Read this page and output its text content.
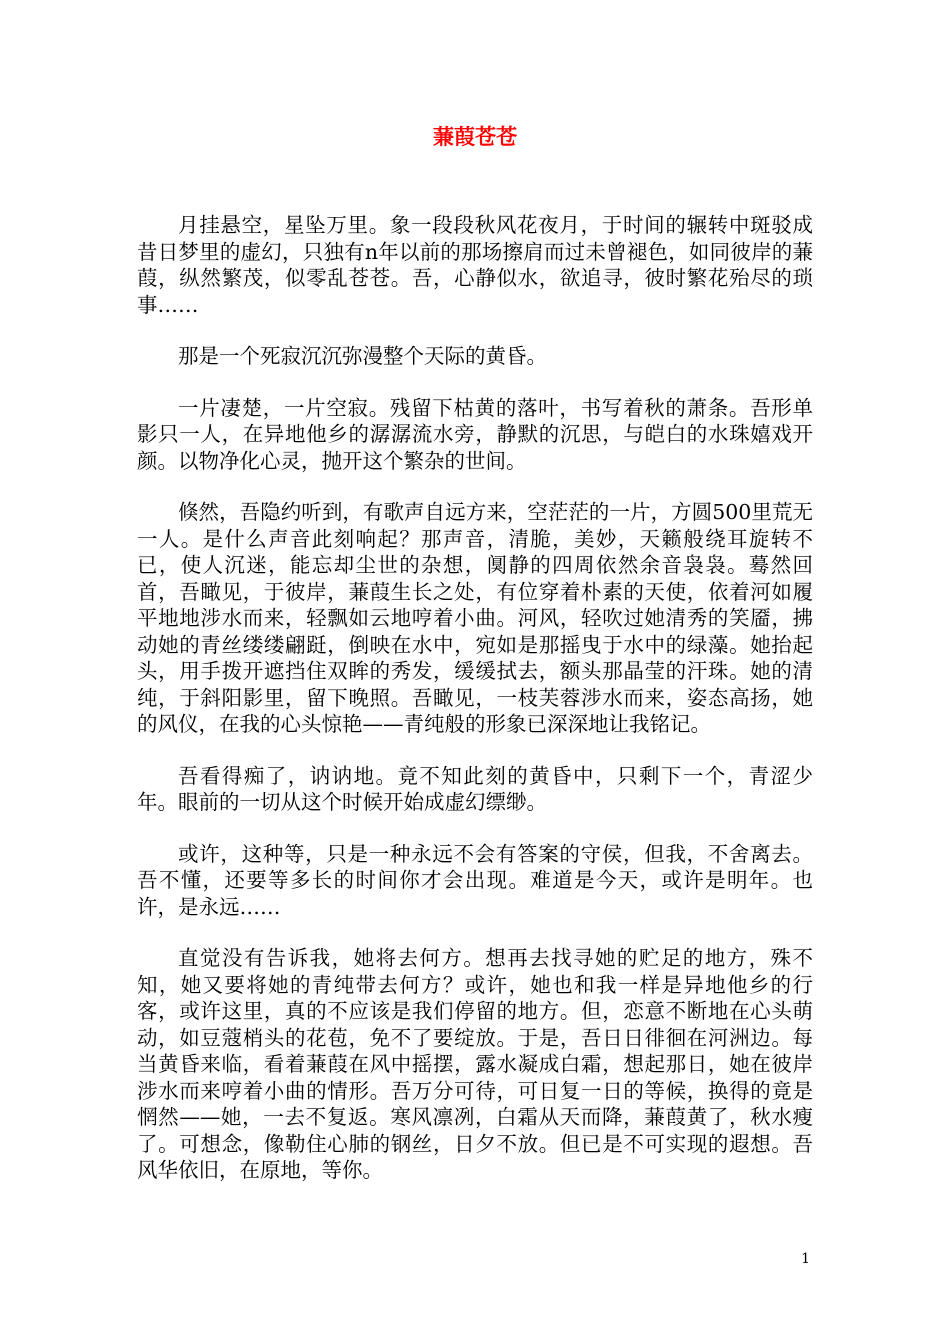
蒹葭苍苍

月挂悬空，星坠万里。象一段段秋风花夜月，于时间的辗转中斑驳成昔日梦里的虚幻，只独有n年以前的那场擦肩而过未曾褪色，如同彼岸的蒹葭，纵然繁茂，似零乱苍苍。吾，心静似水，欲追寻，彼时繁花殆尽的琐事……

那是一个死寂沉沉弥漫整个天际的黄昏。

一片凄楚，一片空寂。残留下枯黄的落叶，书写着秋的萧条。吾形单影只一人，在异地他乡的潺潺流水旁，静默的沉思，与皑白的水珠嬉戏开颜。以物净化心灵，抛开这个繁杂的世间。

倏然，吾隐约听到，有歌声自远方来，空茫茫的一片，方圆500里荒无一人。是什么声音此刻响起？那声音，清脆，美妙，天籁般绕耳旋转不已，使人沉迷，能忘却尘世的杂想，阒静的四周依然余音袅袅。蓦然回首，吾瞰见，于彼岸，蒹葭生长之处，有位穿着朴素的天使，依着河如履平地地涉水而来，轻飘如云地哼着小曲。河风，轻吹过她清秀的笑靥，拂动她的青丝缕缕翩跹，倒映在水中，宛如是那摇曳于水中的绿藻。她抬起头，用手拨开遮挡住双眸的秀发，缓缓拭去，额头那晶莹的汗珠。她的清纯，于斜阳影里，留下晚照。吾瞰见，一枝芙蓉涉水而来，姿态高扬，她的风仪，在我的心头惊艳——青纯般的形象已深深地让我铭记。

吾看得痴了，讷讷地。竟不知此刻的黄昏中，只剩下一个，青涩少年。眼前的一切从这个时候开始成虚幻缥缈。

或许，这种等，只是一种永远不会有答案的守侯，但我，不舍离去。吾不懂，还要等多长的时间你才会出现。难道是今天，或许是明年。也许，是永远……

直觉没有告诉我，她将去何方。想再去找寻她的贮足的地方，殊不知，她又要将她的青纯带去何方？或许，她也和我一样是异地他乡的行客，或许这里，真的不应该是我们停留的地方。但，恋意不断地在心头萌动，如豆蔻梢头的花苞，免不了要绽放。于是，吾日日徘徊在河洲边。每当黄昏来临，看着蒹葭在风中摇摆，露水凝成白霜，想起那日，她在彼岸涉水而来哼着小曲的情形。吾万分可待，可日复一日的等候，换得的竟是惘然——她，一去不复返。寒风凛冽，白霜从天而降，蒹葭黄了，秋水瘦了。可想念，像勒住心肺的钢丝，日夕不放。但已是不可实现的遐想。吾风华依旧，在原地，等你。

1
